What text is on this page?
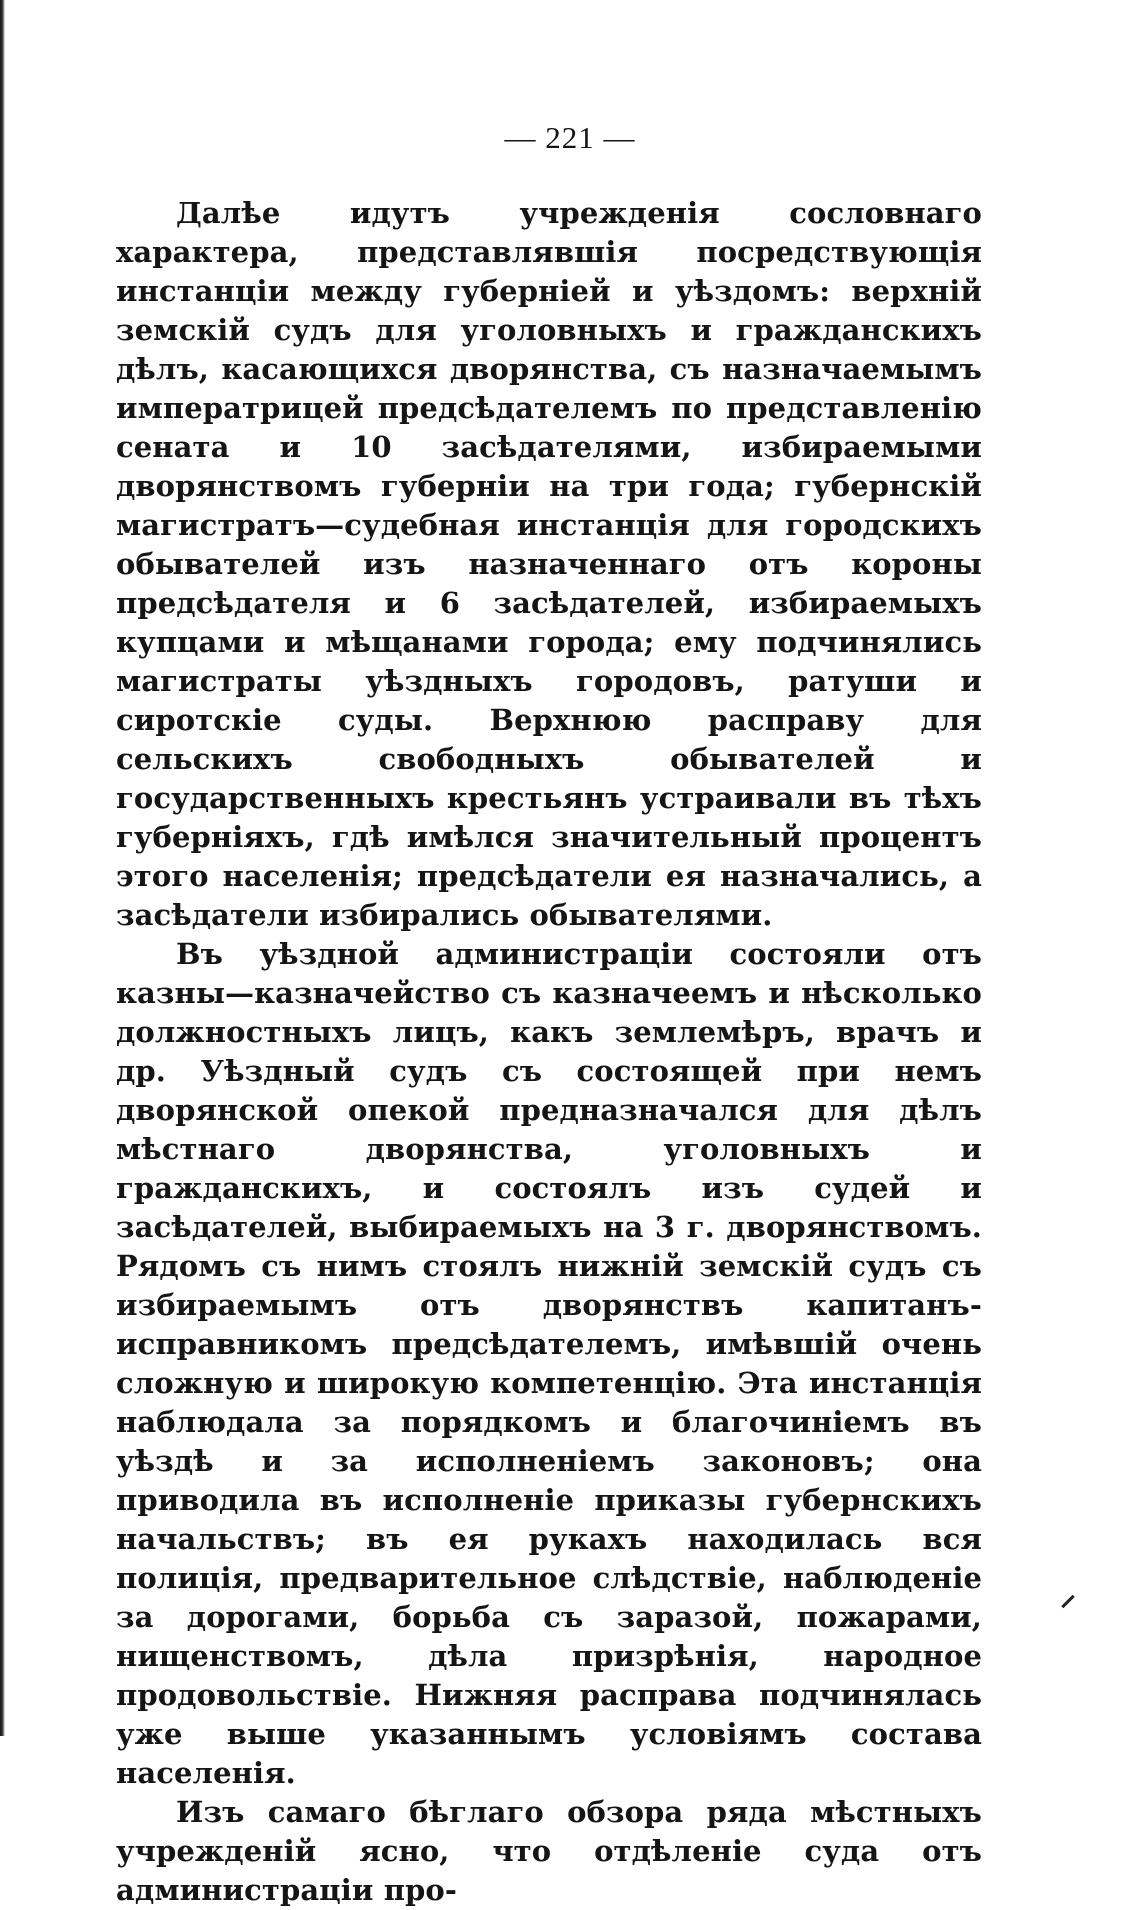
— 221 —

Далѣе идутъ учрежденія сословнаго характера, представлявшія посредствующія инстанціи между губерніей и уѣздомъ: верхній земскій судъ для уголовныхъ и гражданскихъ дѣлъ, касающихся дворянства, съ назначаемымъ императрицей предсѣдателемъ по представленію сената и 10 засѣдателями, избираемыми дворянствомъ губерніи на три года; губернскій магистратъ—судебная инстанція для городскихъ обывателей изъ назначеннаго отъ короны предсѣдателя и 6 засѣдателей, избираемыхъ купцами и мѣщанами города; ему подчинялись магистраты уѣздныхъ городовъ, ратуши и сиротскіе суды. Верхнюю расправу для сельскихъ свободныхъ обывателей и государственныхъ крестьянъ устраивали въ тѣхъ губерніяхъ, гдѣ имѣлся значительный процентъ этого населенія; предсѣдатели ея назначались, а засѣдатели избирались обывателями.

Въ уѣздной администраціи состояли отъ казны—казначейство съ казначеемъ и нѣсколько должностныхъ лицъ, какъ землемѣръ, врачъ и др. Уѣздный судъ съ состоящей при немъ дворянской опекой предназначался для дѣлъ мѣстнаго дворянства, уголовныхъ и гражданскихъ, и состоялъ изъ судей и засѣдателей, выбираемыхъ на 3 г. дворянствомъ. Рядомъ съ нимъ стоялъ нижній земскій судъ съ избираемымъ отъ дворянствъ капитанъ-исправникомъ предсѣдателемъ, имѣвшій очень сложную и широкую компетенцію. Эта инстанція наблюдала за порядкомъ и благочиніемъ въ уѣздѣ и за исполненіемъ законовъ; она приводила въ исполненіе приказы губернскихъ начальствъ; въ ея рукахъ находилась вся полиція, предварительное слѣдствіе, наблюденіе за дорогами, борьба съ заразой, пожарами, нищенствомъ, дѣла призрѣнія, народное продовольствіе. Нижняя расправа подчинялась уже выше указаннымъ условіямъ состава населенія.

Изъ самаго бѣглаго обзора ряда мѣстныхъ учрежденій ясно, что отдѣленіе суда отъ администраціи про-
